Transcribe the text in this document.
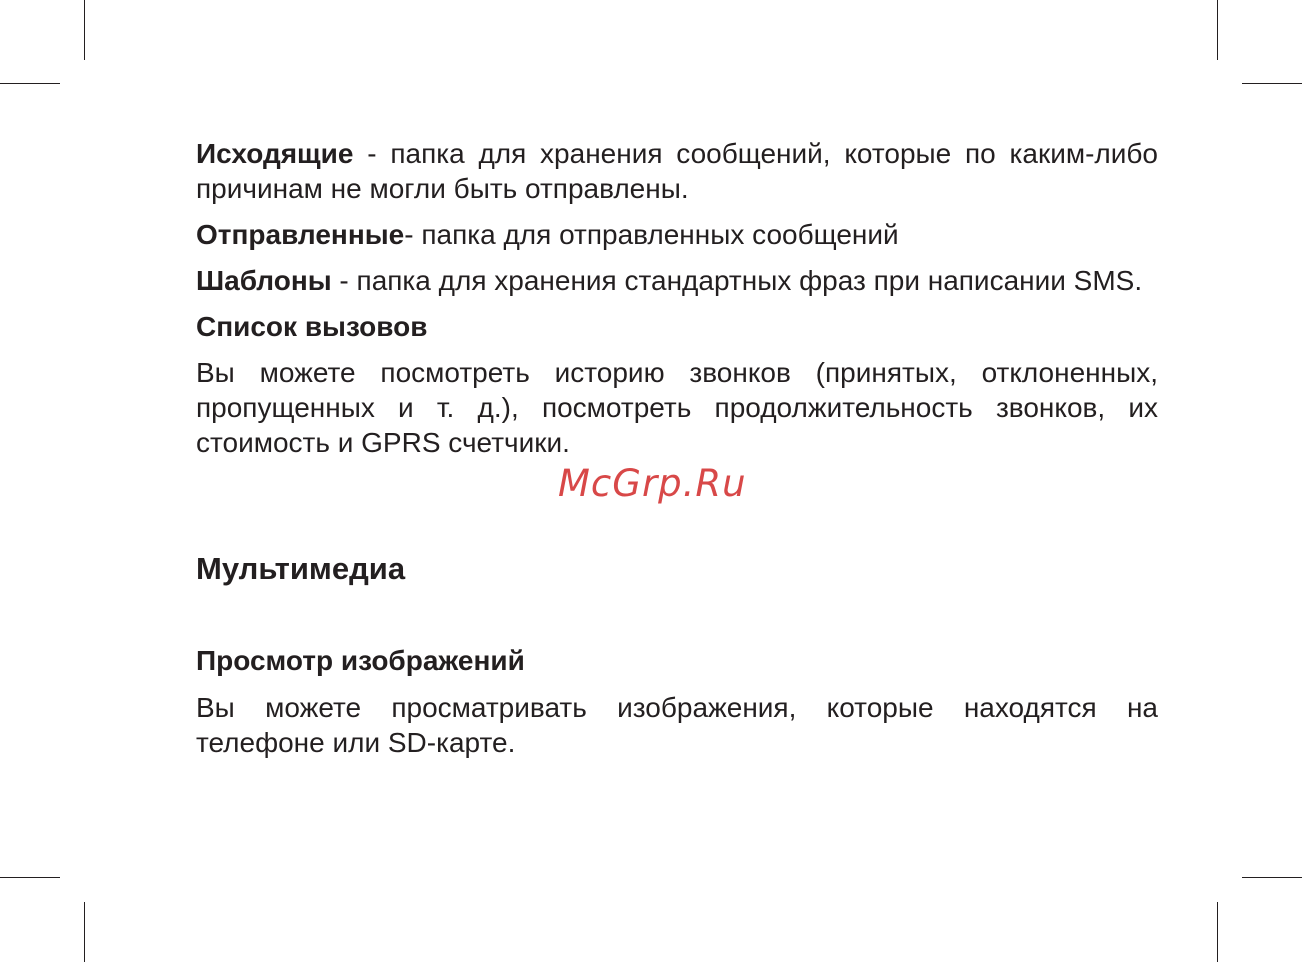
Исходящие - папка для хранения сообщений, которые по каким-либо причинам не могли быть отправлены.

Отправленные- папка для отправленных сообщений

Шаблоны - папка для хранения стандартных фраз при написании SMS.

Список вызовов

Вы можете посмотреть историю звонков (принятых, отклоненных, пропущенных и т. д.), посмотреть продолжительность звонков, их стоимость и GPRS счетчики.

Мультимедиа

Просмотр изображений

Вы можете просматривать изображения, которые находятся на телефоне или SD-карте.

McGrp.Ru
